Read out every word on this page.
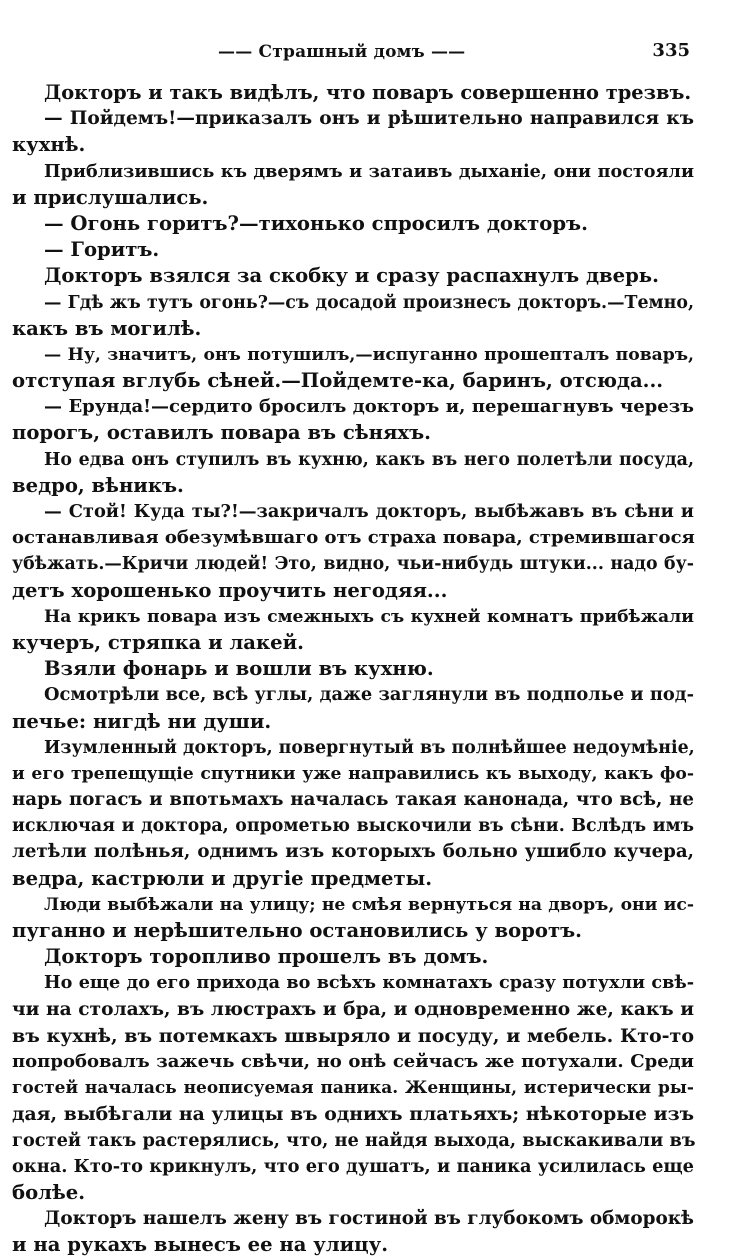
—— Страшный домъ ——	335
Докторъ и такъ видѣлъ, что поваръ совершенно трезвъ.
— Пойдемъ!—приказалъ онъ и рѣшительно направился къ
кухнѣ.
Приблизившись къ дверямъ и затаивъ дыханіе, они постояли
и прислушались.
— Огонь горитъ?—тихонько спросилъ докторъ.
— Горитъ.
Докторъ взялся за скобку и сразу распахнулъ дверь.
— Гдѣ жъ тутъ огонь?—съ досадой произнесъ докторъ.—Темно,
какъ въ могилѣ.
— Ну, значитъ, онъ потушилъ,—испуганно прошепталъ поваръ,
отступая вглубь сѣней.—Пойдемте-ка, баринъ, отсюда...
— Ерунда!—сердито бросилъ докторъ и, перешагнувъ черезъ
порогъ, оставилъ повара въ сѣняхъ.
Но едва онъ ступилъ въ кухню, какъ въ него полетѣли посуда,
ведро, вѣникъ.
— Стой! Куда ты?!—закричалъ докторъ, выбѣжавъ въ сѣни и
останавливая обезумѣвшаго отъ страха повара, стремившагося
убѣжать.—Кричи людей! Это, видно, чьи-нибудь штуки... надо бу-
детъ хорошенько проучить негодяя...
На крикъ повара изъ смежныхъ съ кухней комнатъ прибѣжали
кучеръ, стряпка и лакей.
Взяли фонарь и вошли въ кухню.
Осмотрѣли все, всѣ углы, даже заглянули въ подполье и под-
печье: нигдѣ ни души.
Изумленный докторъ, повергнутый въ полнѣйшее недоумѣніе,
и его трепещущіе спутники уже направились къ выходу, какъ фо-
нарь погасъ и впотьмахъ началась такая канонада, что всѣ, не
исключая и доктора, опрометью выскочили въ сѣни. Вслѣдъ имъ
летѣли полѣнья, однимъ изъ которыхъ больно ушибло кучера,
ведра, кастрюли и другіе предметы.
Люди выбѣжали на улицу; не смѣя вернуться на дворъ, они ис-
пуганно и нерѣшительно остановились у воротъ.
Докторъ торопливо прошелъ въ домъ.
Но еще до его прихода во всѣхъ комнатахъ сразу потухли свѣ-
чи на столахъ, въ люстрахъ и бра, и одновременно же, какъ и
въ кухнѣ, въ потемкахъ швыряло и посуду, и мебель. Кто-то
попробовалъ зажечь свѣчи, но онѣ сейчасъ же потухали. Среди
гостей началась неописуемая паника. Женщины, истерически ры-
дая, выбѣгали на улицы въ однихъ платьяхъ; нѣкоторые изъ
гостей такъ растерялись, что, не найдя выхода, выскакивали въ
окна. Кто-то крикнулъ, что его душатъ, и паника усилилась еще
болѣе.
Докторъ нашелъ жену въ гостиной въ глубокомъ обморокѣ
и на рукахъ вынесъ ее на улицу.
